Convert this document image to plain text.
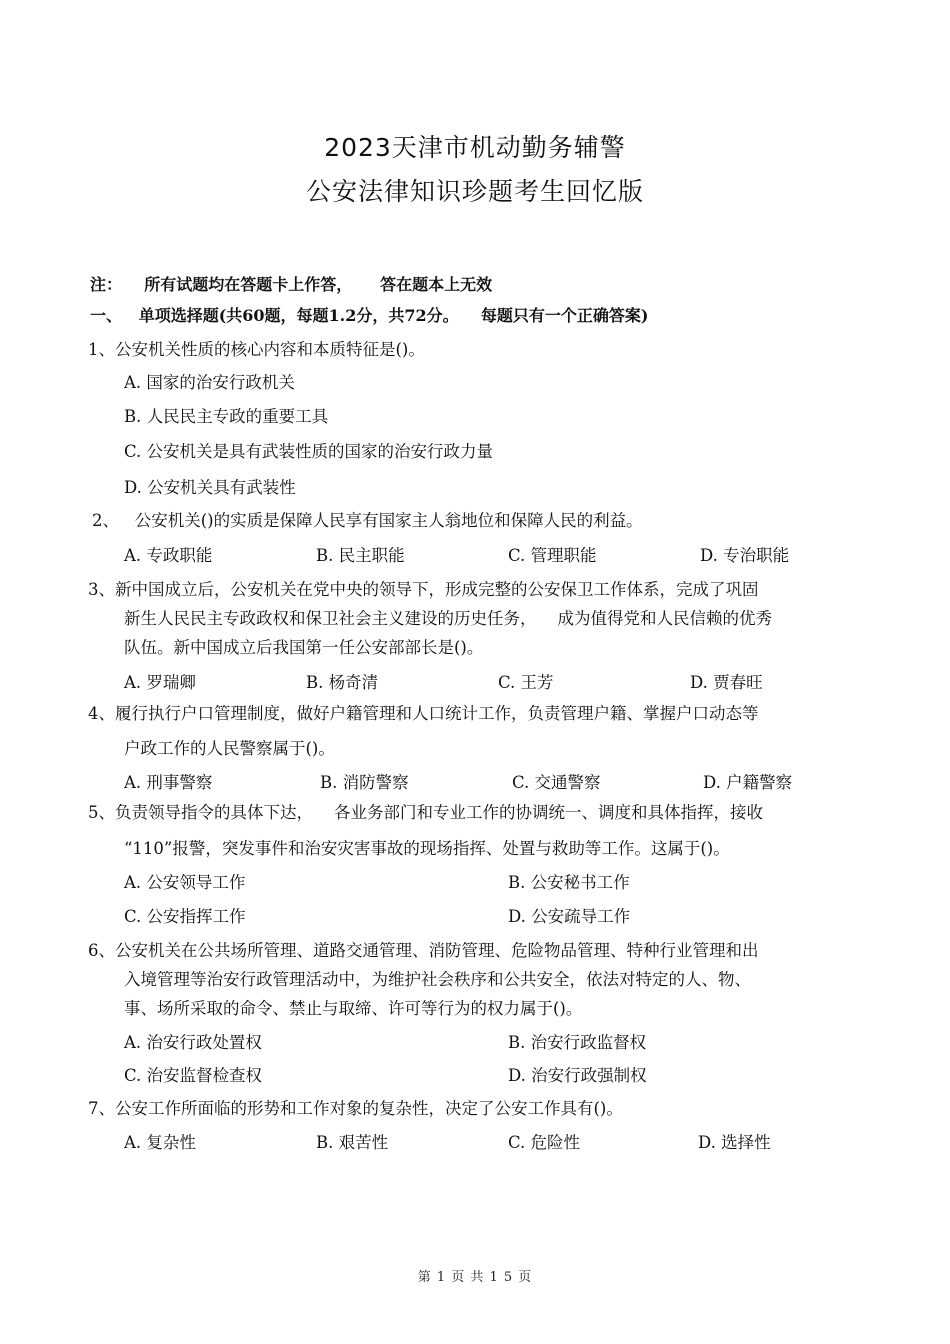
2023天津市机动勤务辅警
公安法律知识珍题考生回忆版
注：    所有试题均在答题卡上作答，     答在题本上无效
一、   单项选择题(共60题，每题1.2分，共72分。    每题只有一个正确答案)
1、公安机关性质的核心内容和本质特征是()。
A. 国家的治安行政机关
B. 人民民主专政的重要工具
C. 公安机关是具有武装性质的国家的治安行政力量
D. 公安机关具有武装性
2、   公安机关()的实质是保障人民享有国家主人翁地位和保障人民的利益。
A. 专政职能	B. 民主职能	C. 管理职能	D. 专治职能
3、新中国成立后，公安机关在党中央的领导下，形成完整的公安保卫工作体系，完成了巩固
新生人民民主专政政权和保卫社会主义建设的历史任务，    成为值得党和人民信赖的优秀
队伍。新中国成立后我国第一任公安部部长是()。
A. 罗瑞卿	B. 杨奇清	C. 王芳	D. 贾春旺
4、履行执行户口管理制度，做好户籍管理和人口统计工作，负责管理户籍、掌握户口动态等
户政工作的人民警察属于()。
A. 刑事警察	B. 消防警察	C. 交通警察	D. 户籍警察
5、负责领导指令的具体下达，    各业务部门和专业工作的协调统一、调度和具体指挥，接收
“110”报警，突发事件和治安灾害事故的现场指挥、处置与救助等工作。这属于()。
A. 公安领导工作	B. 公安秘书工作
C. 公安指挥工作	D. 公安疏导工作
6、公安机关在公共场所管理、道路交通管理、消防管理、危险物品管理、特种行业管理和出
入境管理等治安行政管理活动中，为维护社会秩序和公共安全，依法对特定的人、物、
事、场所采取的命令、禁止与取缔、许可等行为的权力属于()。
A. 治安行政处置权	B. 治安行政监督权
C. 治安监督检查权	D. 治安行政强制权
7、公安工作所面临的形势和工作对象的复杂性，决定了公安工作具有()。
A. 复杂性	B. 艰苦性	C. 危险性	D. 选择性
第 1 页 共 1 5 页
